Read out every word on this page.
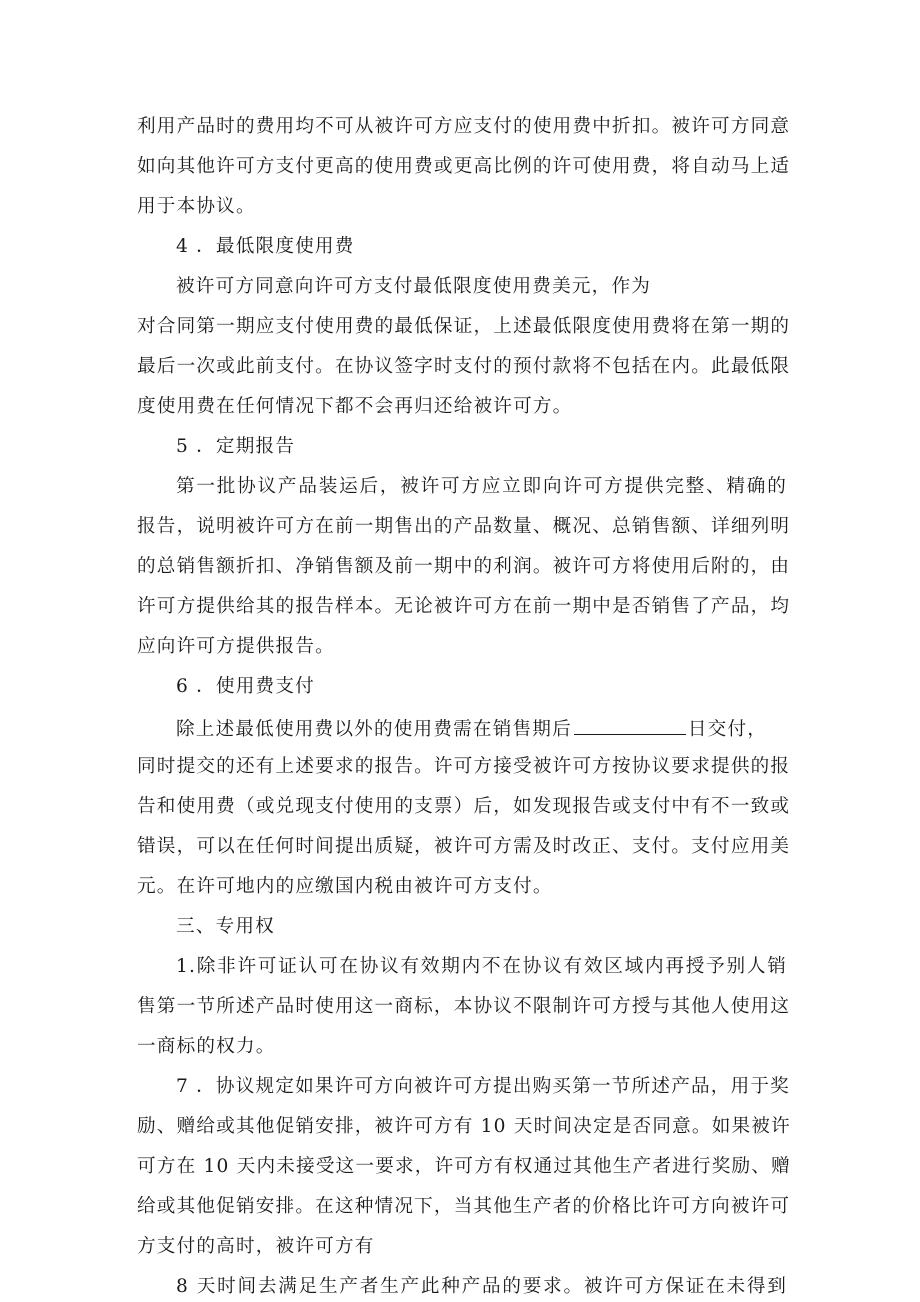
利用产品时的费用均不可从被许可方应支付的使用费中折扣。被许可方同意
如向其他许可方支付更高的使用费或更高比例的许可使用费，将自动马上适
用于本协议。
4 ．最低限度使用费
被许可方同意向许可方支付最低限度使用费美元，作为
对合同第一期应支付使用费的最低保证，上述最低限度使用费将在第一期的
最后一次或此前支付。在协议签字时支付的预付款将不包括在内。此最低限
度使用费在任何情况下都不会再归还给被许可方。
5 ．定期报告
第一批协议产品装运后，被许可方应立即向许可方提供完整、精确的
报告，说明被许可方在前一期售出的产品数量、概况、总销售额、详细列明
的总销售额折扣、净销售额及前一期中的利润。被许可方将使用后附的，由
许可方提供给其的报告样本。无论被许可方在前一期中是否销售了产品，均
应向许可方提供报告。
6 ．使用费支付
除上述最低使用费以外的使用费需在销售期后	日交付，
同时提交的还有上述要求的报告。许可方接受被许可方按协议要求提供的报
告和使用费（或兑现支付使用的支票）后，如发现报告或支付中有不一致或
错误，可以在任何时间提出质疑，被许可方需及时改正、支付。支付应用美
元。在许可地内的应缴国内税由被许可方支付。
三、专用权
1.除非许可证认可在协议有效期内不在协议有效区域内再授予别人销
售第一节所述产品时使用这一商标，本协议不限制许可方授与其他人使用这
一商标的权力。
7 ．协议规定如果许可方向被许可方提出购买第一节所述产品，用于奖
励、赠给或其他促销安排，被许可方有 10 天时间决定是否同意。如果被许
可方在 10 天内未接受这一要求，许可方有权通过其他生产者进行奖励、赠
给或其他促销安排。在这种情况下，当其他生产者的价格比许可方向被许可
方支付的高时，被许可方有
8 天时间去满足生产者生产此种产品的要求。被许可方保证在未得到
